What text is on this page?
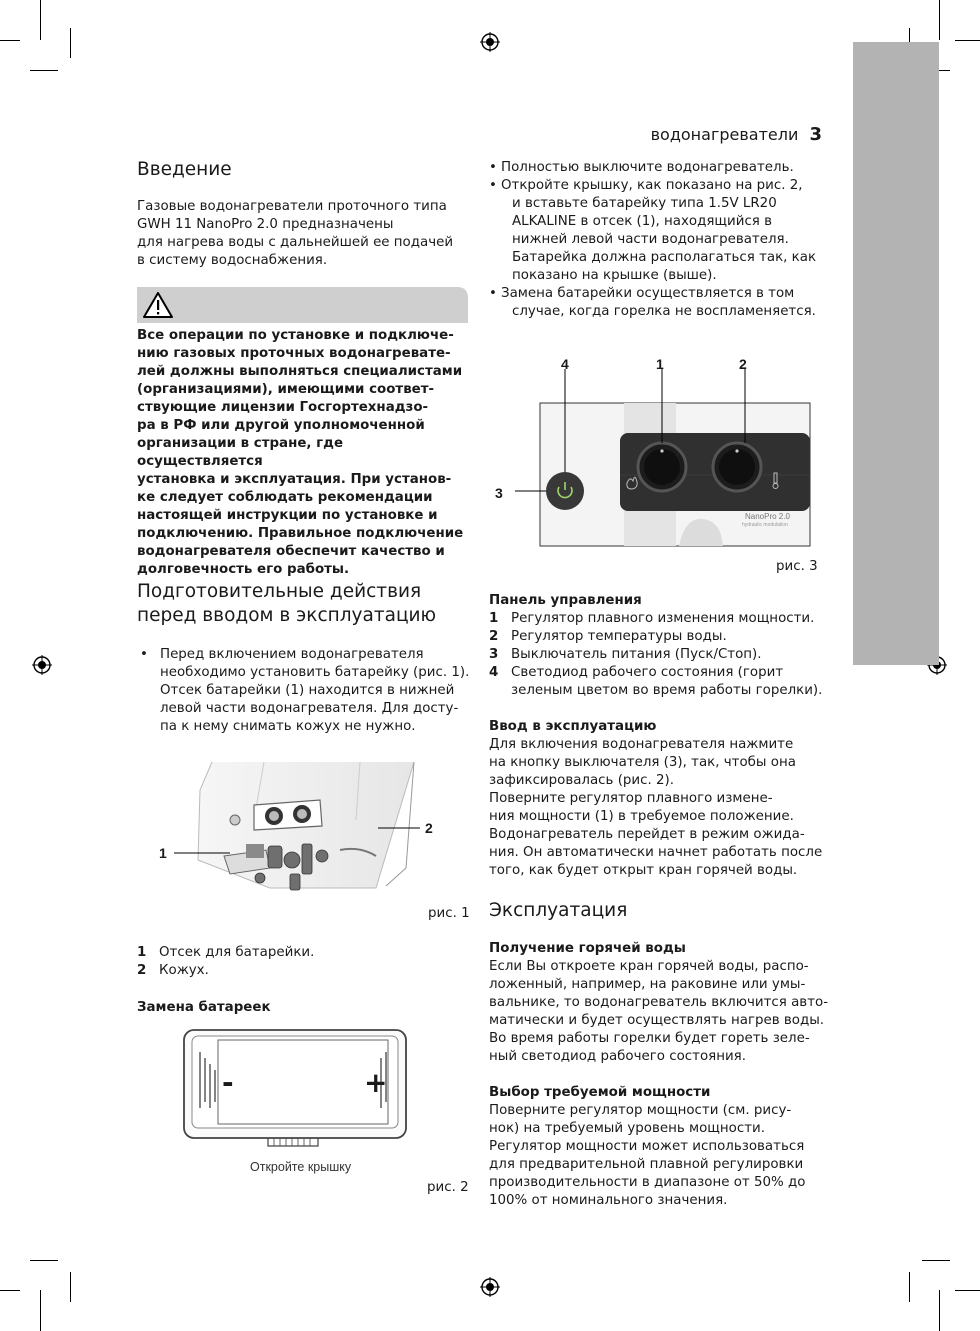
водонагреватели 3
Введение
Газовые водонагреватели проточного типа
GWH 11 NanoPro 2.0 предназначены
для нагрева воды с дальнейшей ее подачей
в систему водоснабжения.
Все операции по установке и подключе-
нию газовых проточных водонагревате-
лей должны выполняться специалистами
(организациями), имеющими соответ-
ствующие лицензии Госгортехнадзо-
ра в РФ или другой уполномоченной
организации в стране, где осуществляется
установка и эксплуатация. При установ-
ке следует соблюдать рекомендации
настоящей инструкции по установке и
подключению. Правильное подключение
водонагревателя обеспечит качество и
долговечность его работы.
Подготовительные действия
перед вводом в эксплуатацию
• Перед включением водонагревателя
необходимо установить батарейку (рис. 1).
Отсек батарейки (1) находится в нижней
левой части водонагревателя. Для досту-
па к нему снимать кожух не нужно.
1
2
рис. 1
1 Отсек для батарейки.
2 Кожух.
Замена батареек
-	+
Откройте крышку
рис. 2
• Полностью выключите водонагреватель.
• Откройте крышку, как показано на рис. 2,
и вставьте батарейку типа 1.5V LR20
ALKALINE в отсек (1), находящийся в
нижней левой части водонагревателя.
Батарейка должна располагаться так, как
показано на крышке (выше).
• Замена батарейки осуществляется в том
случае, когда горелка не воспламеняется.
4	1	2
3
NanoPro 2.0
hydraulic modulation
рис. 3
Панель управления
1 Регулятор плавного изменения мощности.
2 Регулятор температуры воды.
3 Выключатель питания (Пуск/Стоп).
4 Светодиод рабочего состояния (горит
зеленым цветом во время работы горелки).
Ввод в эксплуатацию
Для включения водонагревателя нажмите
на кнопку выключателя (3), так, чтобы она
зафиксировалась (рис. 2).
Поверните регулятор плавного измене-
ния мощности (1) в требуемое положение.
Водонагреватель перейдет в режим ожида-
ния. Он автоматически начнет работать после
того, как будет открыт кран горячей воды.
Эксплуатация
Получение горячей воды
Если Вы откроете кран горячей воды, распо-
ложенный, например, на раковине или умы-
вальнике, то водонагреватель включится авто-
матически и будет осуществлять нагрев воды.
Во время работы горелки будет гореть зеле-
ный светодиод рабочего состояния.
Выбор требуемой мощности
Поверните регулятор мощности (см. рису-
нок) на требуемый уровень мощности.
Регулятор мощности может использоваться
для предварительной плавной регулировки
производительности в диапазоне от 50% до
100% от номинального значения.
